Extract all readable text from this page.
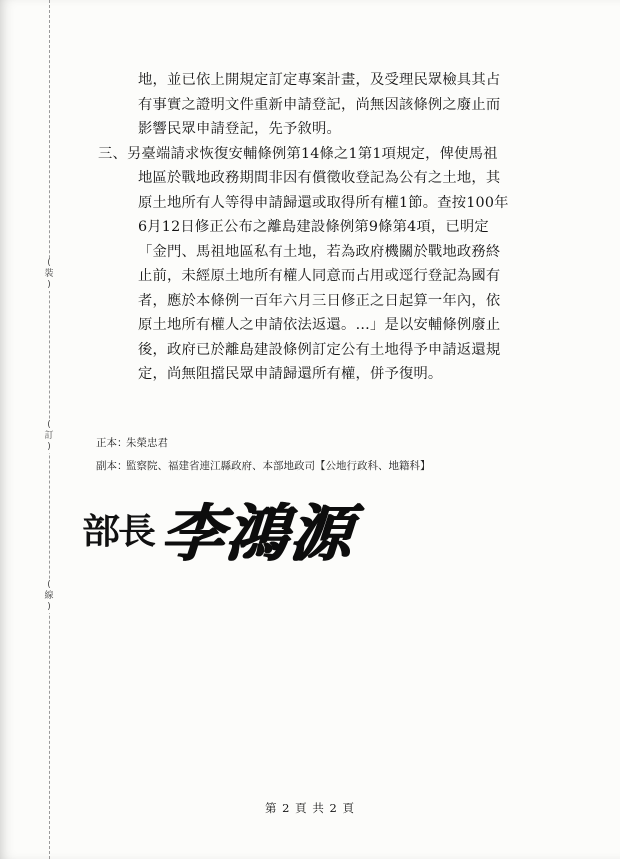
(
裝
)
(
訂
)
(
線
)
地，並已依上開規定訂定專案計畫，及受理民眾檢具其占
有事實之證明文件重新申請登記，尚無因該條例之廢止而
影響民眾申請登記，先予敘明。
三、另臺端請求恢復安輔條例第14條之1第1項規定，俾使馬祖
地區於戰地政務期間非因有償徵收登記為公有之土地，其
原土地所有人等得申請歸還或取得所有權1節。查按100年
6月12日修正公布之離島建設條例第9條第4項，已明定
「金門、馬祖地區私有土地，若為政府機關於戰地政務終
止前，未經原土地所有權人同意而占用或逕行登記為國有
者，應於本條例一百年六月三日修正之日起算一年內，依
原土地所有權人之申請依法返還。…」是以安輔條例廢止
後，政府已於離島建設條例訂定公有土地得予申請返還規
定，尚無阻擋民眾申請歸還所有權，併予復明。
正本：朱榮忠君
副本：監察院、福建省連江縣政府、本部地政司【公地行政科、地籍科】
部長 李鴻源
第 2 頁 共 2 頁
